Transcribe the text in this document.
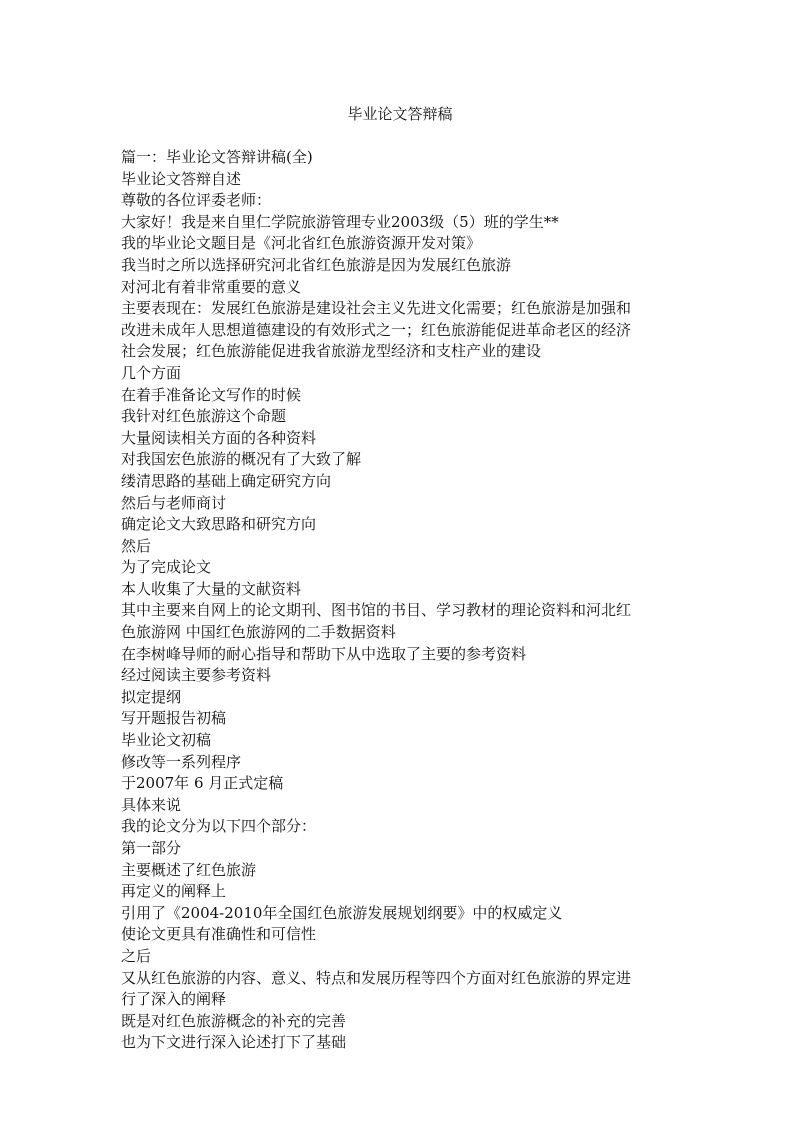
毕业论文答辩稿
篇一：毕业论文答辩讲稿(全)
毕业论文答辩自述
尊敬的各位评委老师：
大家好！我是来自里仁学院旅游管理专业2003级（5）班的学生**
我的毕业论文题目是《河北省红色旅游资源开发对策》
我当时之所以选择研究河北省红色旅游是因为发展红色旅游
对河北有着非常重要的意义
主要表现在：发展红色旅游是建设社会主义先进文化需要；红色旅游是加强和
改进未成年人思想道德建设的有效形式之一；红色旅游能促进革命老区的经济
社会发展；红色旅游能促进我省旅游龙型经济和支柱产业的建设
几个方面
在着手准备论文写作的时候
我针对红色旅游这个命题
大量阅读相关方面的各种资料
对我国宏色旅游的概况有了大致了解
缕清思路的基础上确定研究方向
然后与老师商讨
确定论文大致思路和研究方向
然后
为了完成论文
本人收集了大量的文献资料
其中主要来自网上的论文期刊、图书馆的书目、学习教材的理论资料和河北红
色旅游网 中国红色旅游网的二手数据资料
在李树峰导师的耐心指导和帮助下从中选取了主要的参考资料
经过阅读主要参考资料
拟定提纲
写开题报告初稿
毕业论文初稿
修改等一系列程序
于2007年 6 月正式定稿
具体来说
我的论文分为以下四个部分：
第一部分
主要概述了红色旅游
再定义的阐释上
引用了《2004-2010年全国红色旅游发展规划纲要》中的权威定义
使论文更具有准确性和可信性
之后
又从红色旅游的内容、意义、特点和发展历程等四个方面对红色旅游的界定进
行了深入的阐释
既是对红色旅游概念的补充的完善
也为下文进行深入论述打下了基础
